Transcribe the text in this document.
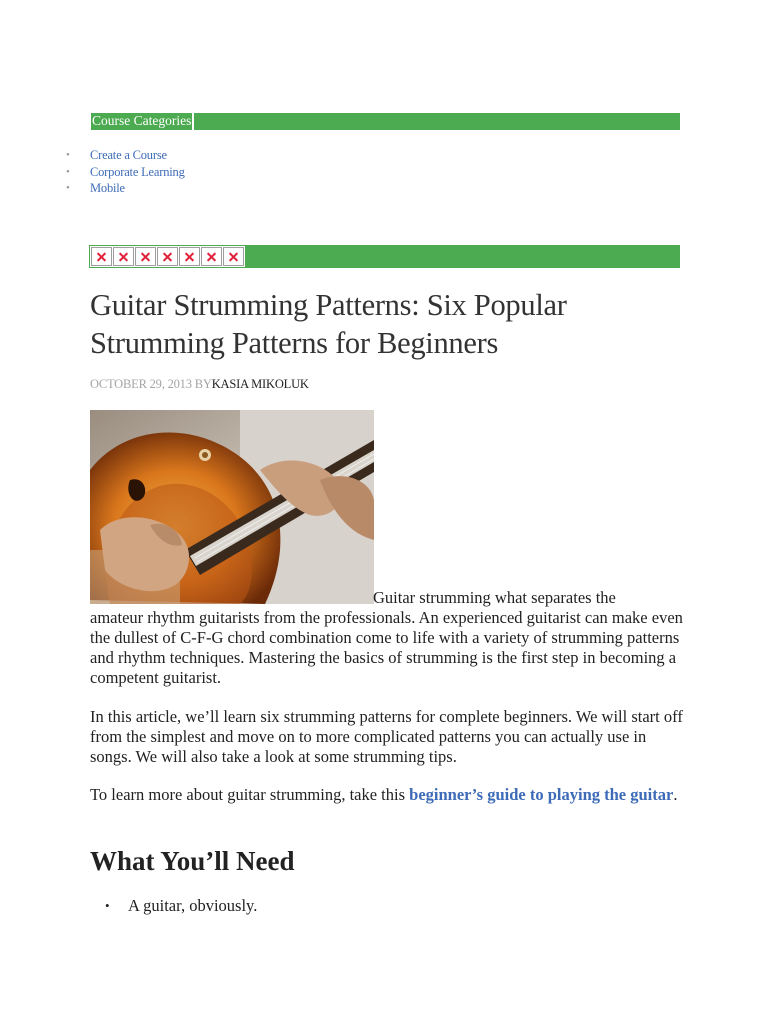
Course Categories
• Create a Course
• Corporate Learning
• Mobile
Guitar Strumming Patterns: Six Popular Strumming Patterns for Beginners
OCTOBER 29, 2013 BYKASIA MIKOLUK

Guitar strumming what separates the

amateur rhythm guitarists from the professionals. An experienced guitarist can make even the dullest of C-F-G chord combination come to life with a variety of strumming patterns and rhythm techniques. Mastering the basics of strumming is the first step in becoming a competent guitarist.

In this article, we’ll learn six strumming patterns for complete beginners. We will start off from the simplest and move on to more complicated patterns you can actually use in songs. We will also take a look at some strumming tips.

To learn more about guitar strumming, take this beginner’s guide to playing the guitar.

What You’ll Need
• A guitar, obviously.
